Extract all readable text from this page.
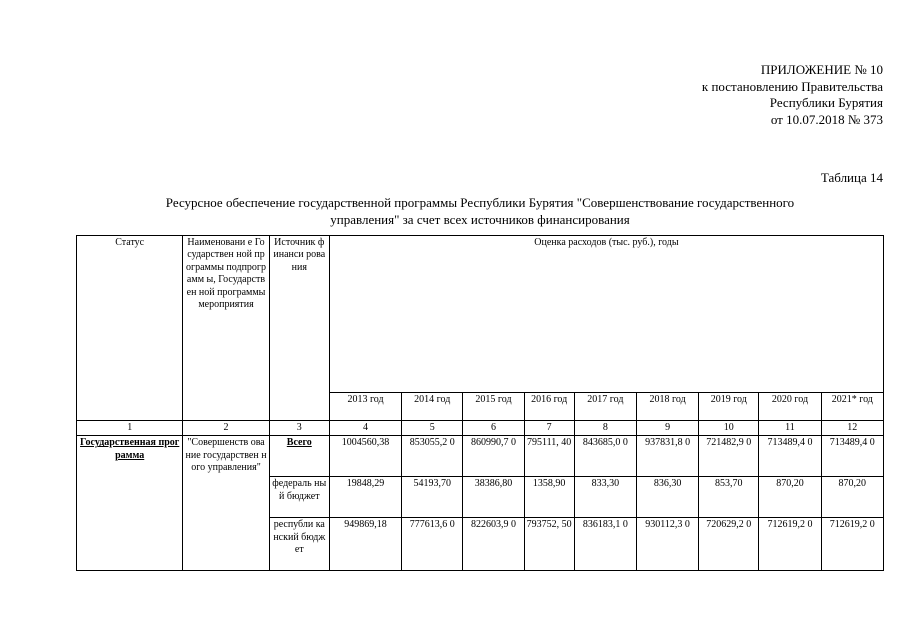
ПРИЛОЖЕНИЕ № 10
к постановлению Правительства
Республики Бурятия
от 10.07.2018 № 373
Таблица 14
Ресурсное обеспечение государственной программы Республики Бурятия "Совершенствование государственного
управления" за счет всех источников финансирования
Статус	Наименовани е Государствен ной программы подпрограмм ы, Государствен ной программы мероприятия	Источник финанси рования	Оценка расходов (тыс. руб.), годы								
			2013 год	2014 год	2015 год	2016 год	2017 год	2018 год	2019 год	2020 год	2021* год
1	2	3	4	5	6	7	8	9	10	11	12
Государственная программа	"Совершенств ование государствен ного управления"	Всего	1004560,38	853055,2 0	860990,7 0	795111, 40	843685,0 0	937831,8 0	721482,9 0	713489,4 0	713489,4 0
		федераль ный бюджет	19848,29	54193,70	38386,80	1358,90	833,30	836,30	853,70	870,20	870,20
		республи канский бюджет	949869,18	777613,6 0	822603,9 0	793752, 50	836183,1 0	930112,3 0	720629,2 0	712619,2 0	712619,2 0
